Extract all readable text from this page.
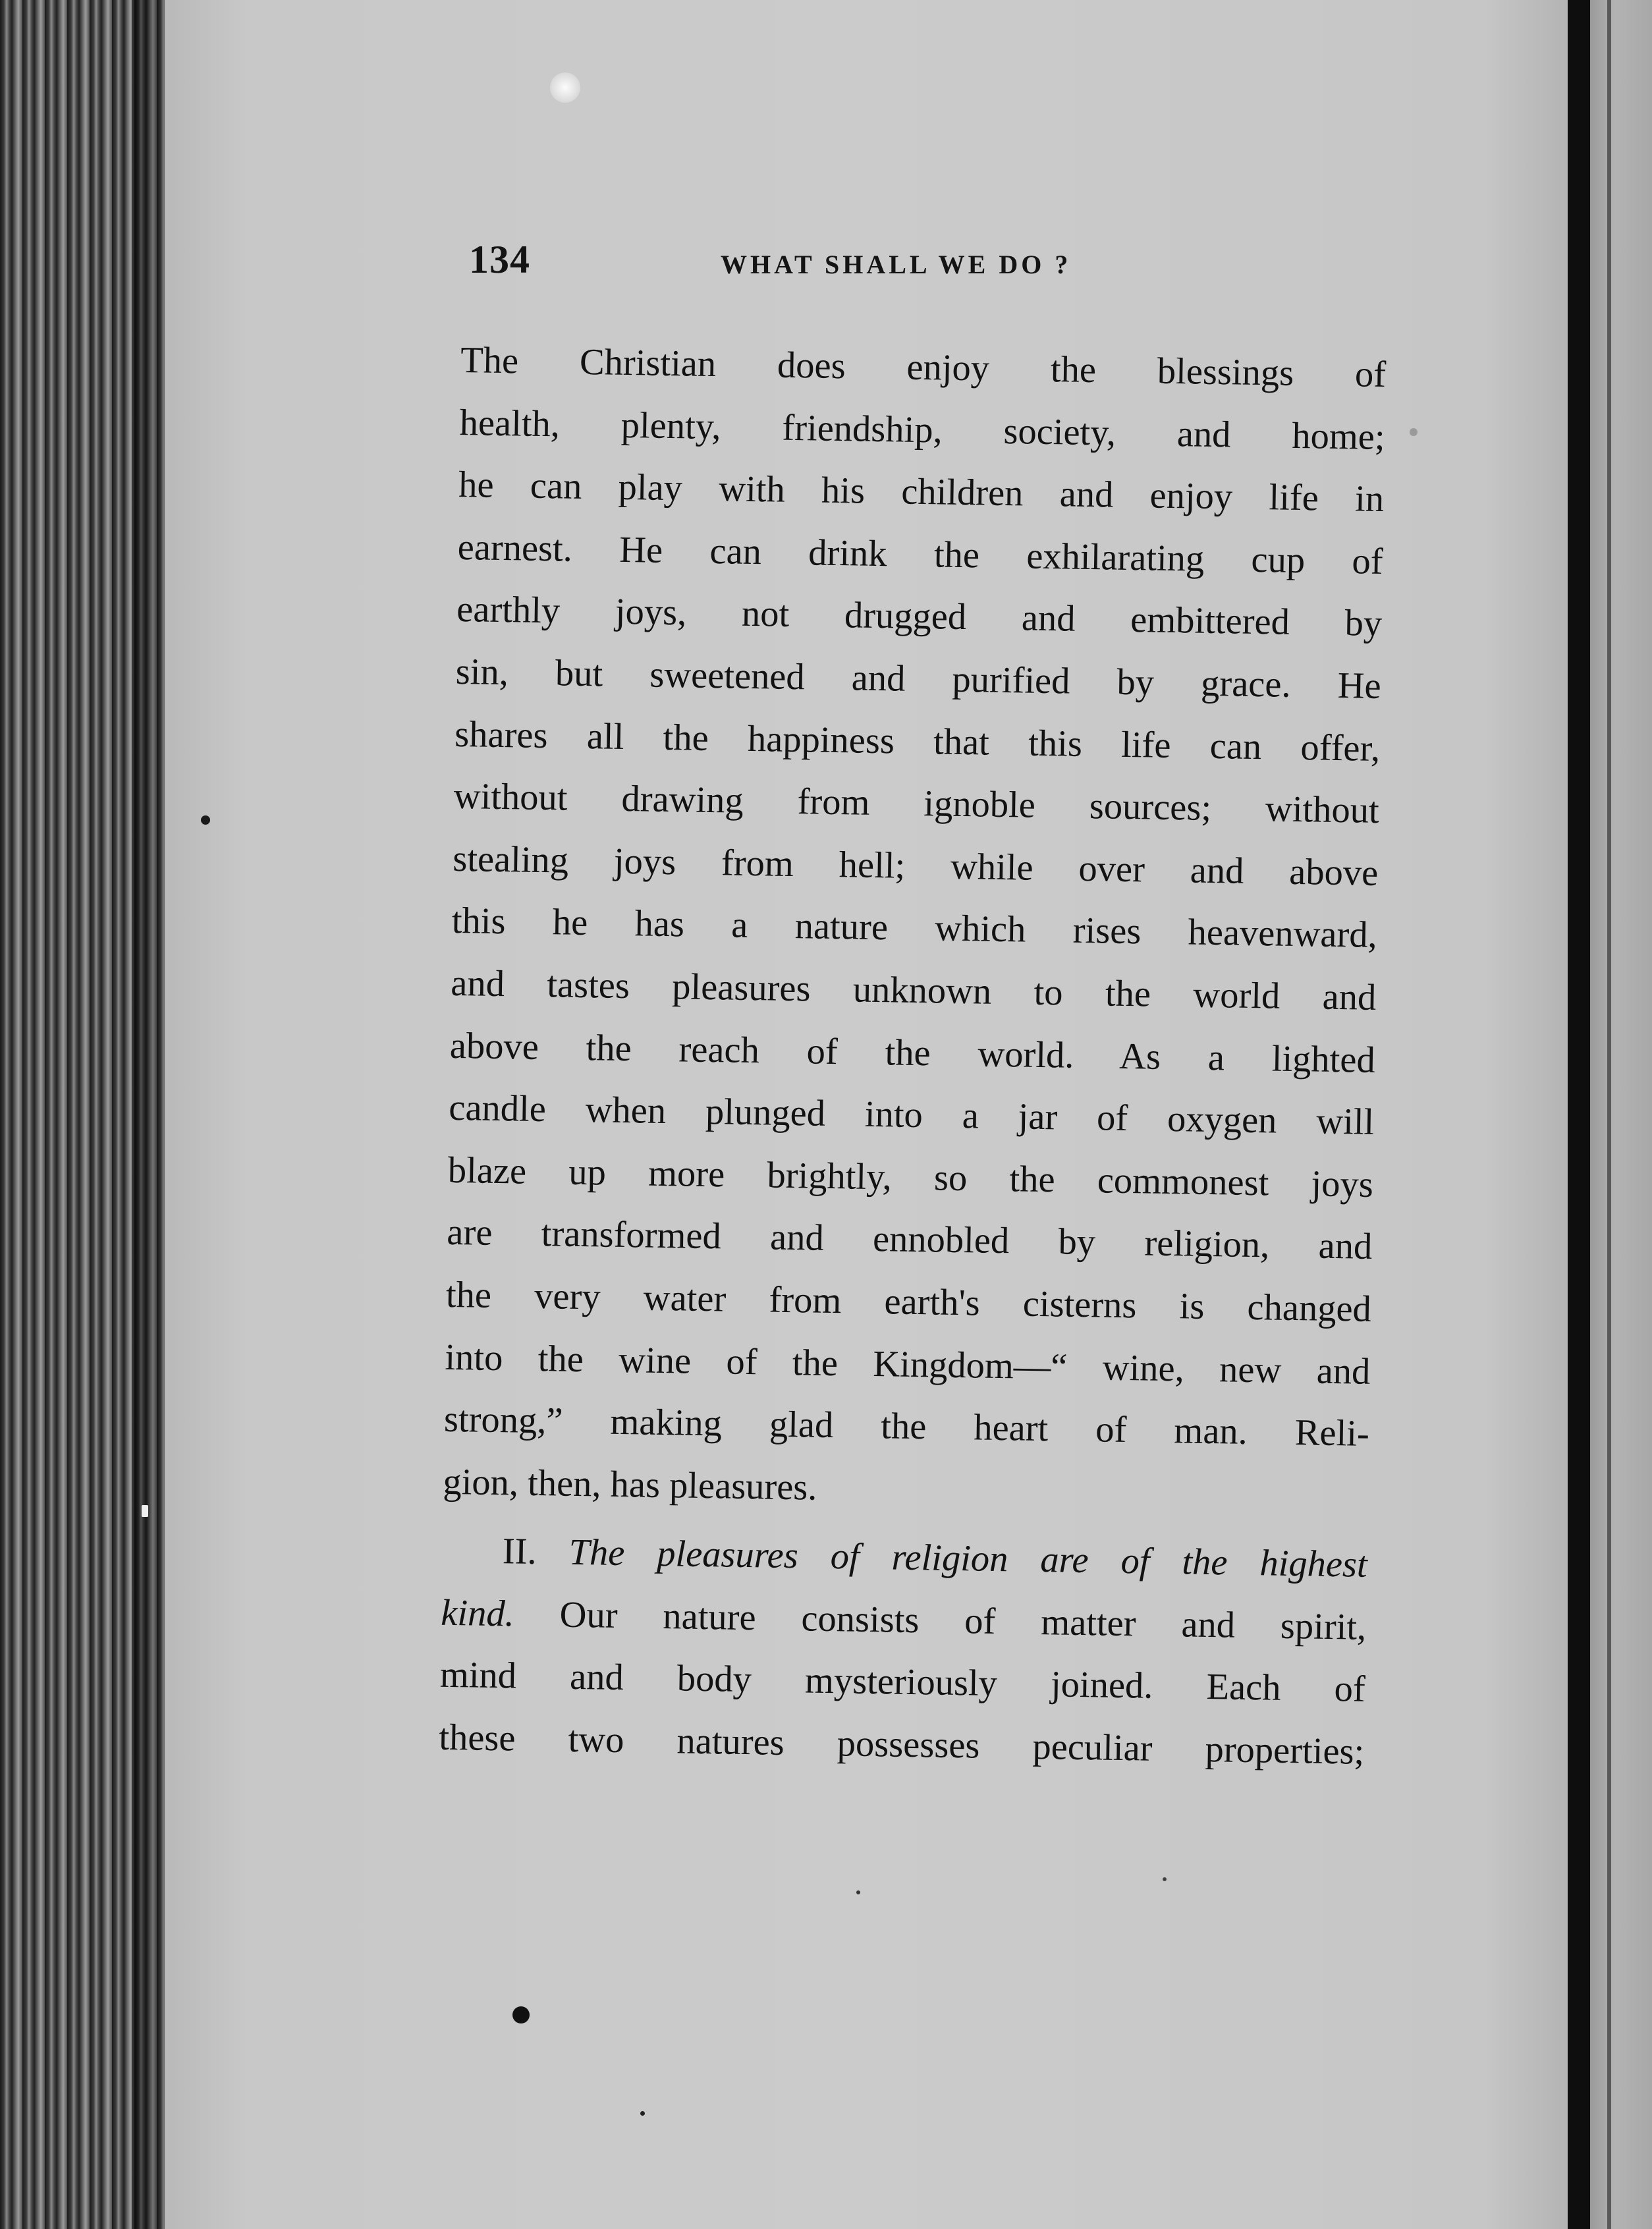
134	WHAT SHALL WE DO ?
The Christian does enjoy the blessings of
health, plenty, friendship, society, and home;
he can play with his children and enjoy life in
earnest. He can drink the exhilarating cup of
earthly joys, not drugged and embittered by
sin, but sweetened and purified by grace. He
shares all the happiness that this life can offer,
without drawing from ignoble sources; without
stealing joys from hell; while over and above
this he has a nature which rises heavenward,
and tastes pleasures unknown to the world and
above the reach of the world. As a lighted
candle when plunged into a jar of oxygen will
blaze up more brightly, so the commonest joys
are transformed and ennobled by religion, and
the very water from earth's cisterns is changed
into the wine of the Kingdom—“ wine, new and
strong,” making glad the heart of man. Reli-
gion, then, has pleasures.
II. The pleasures of religion are of the highest
kind. Our nature consists of matter and spirit,
mind and body mysteriously joined. Each of
these two natures possesses peculiar properties;
